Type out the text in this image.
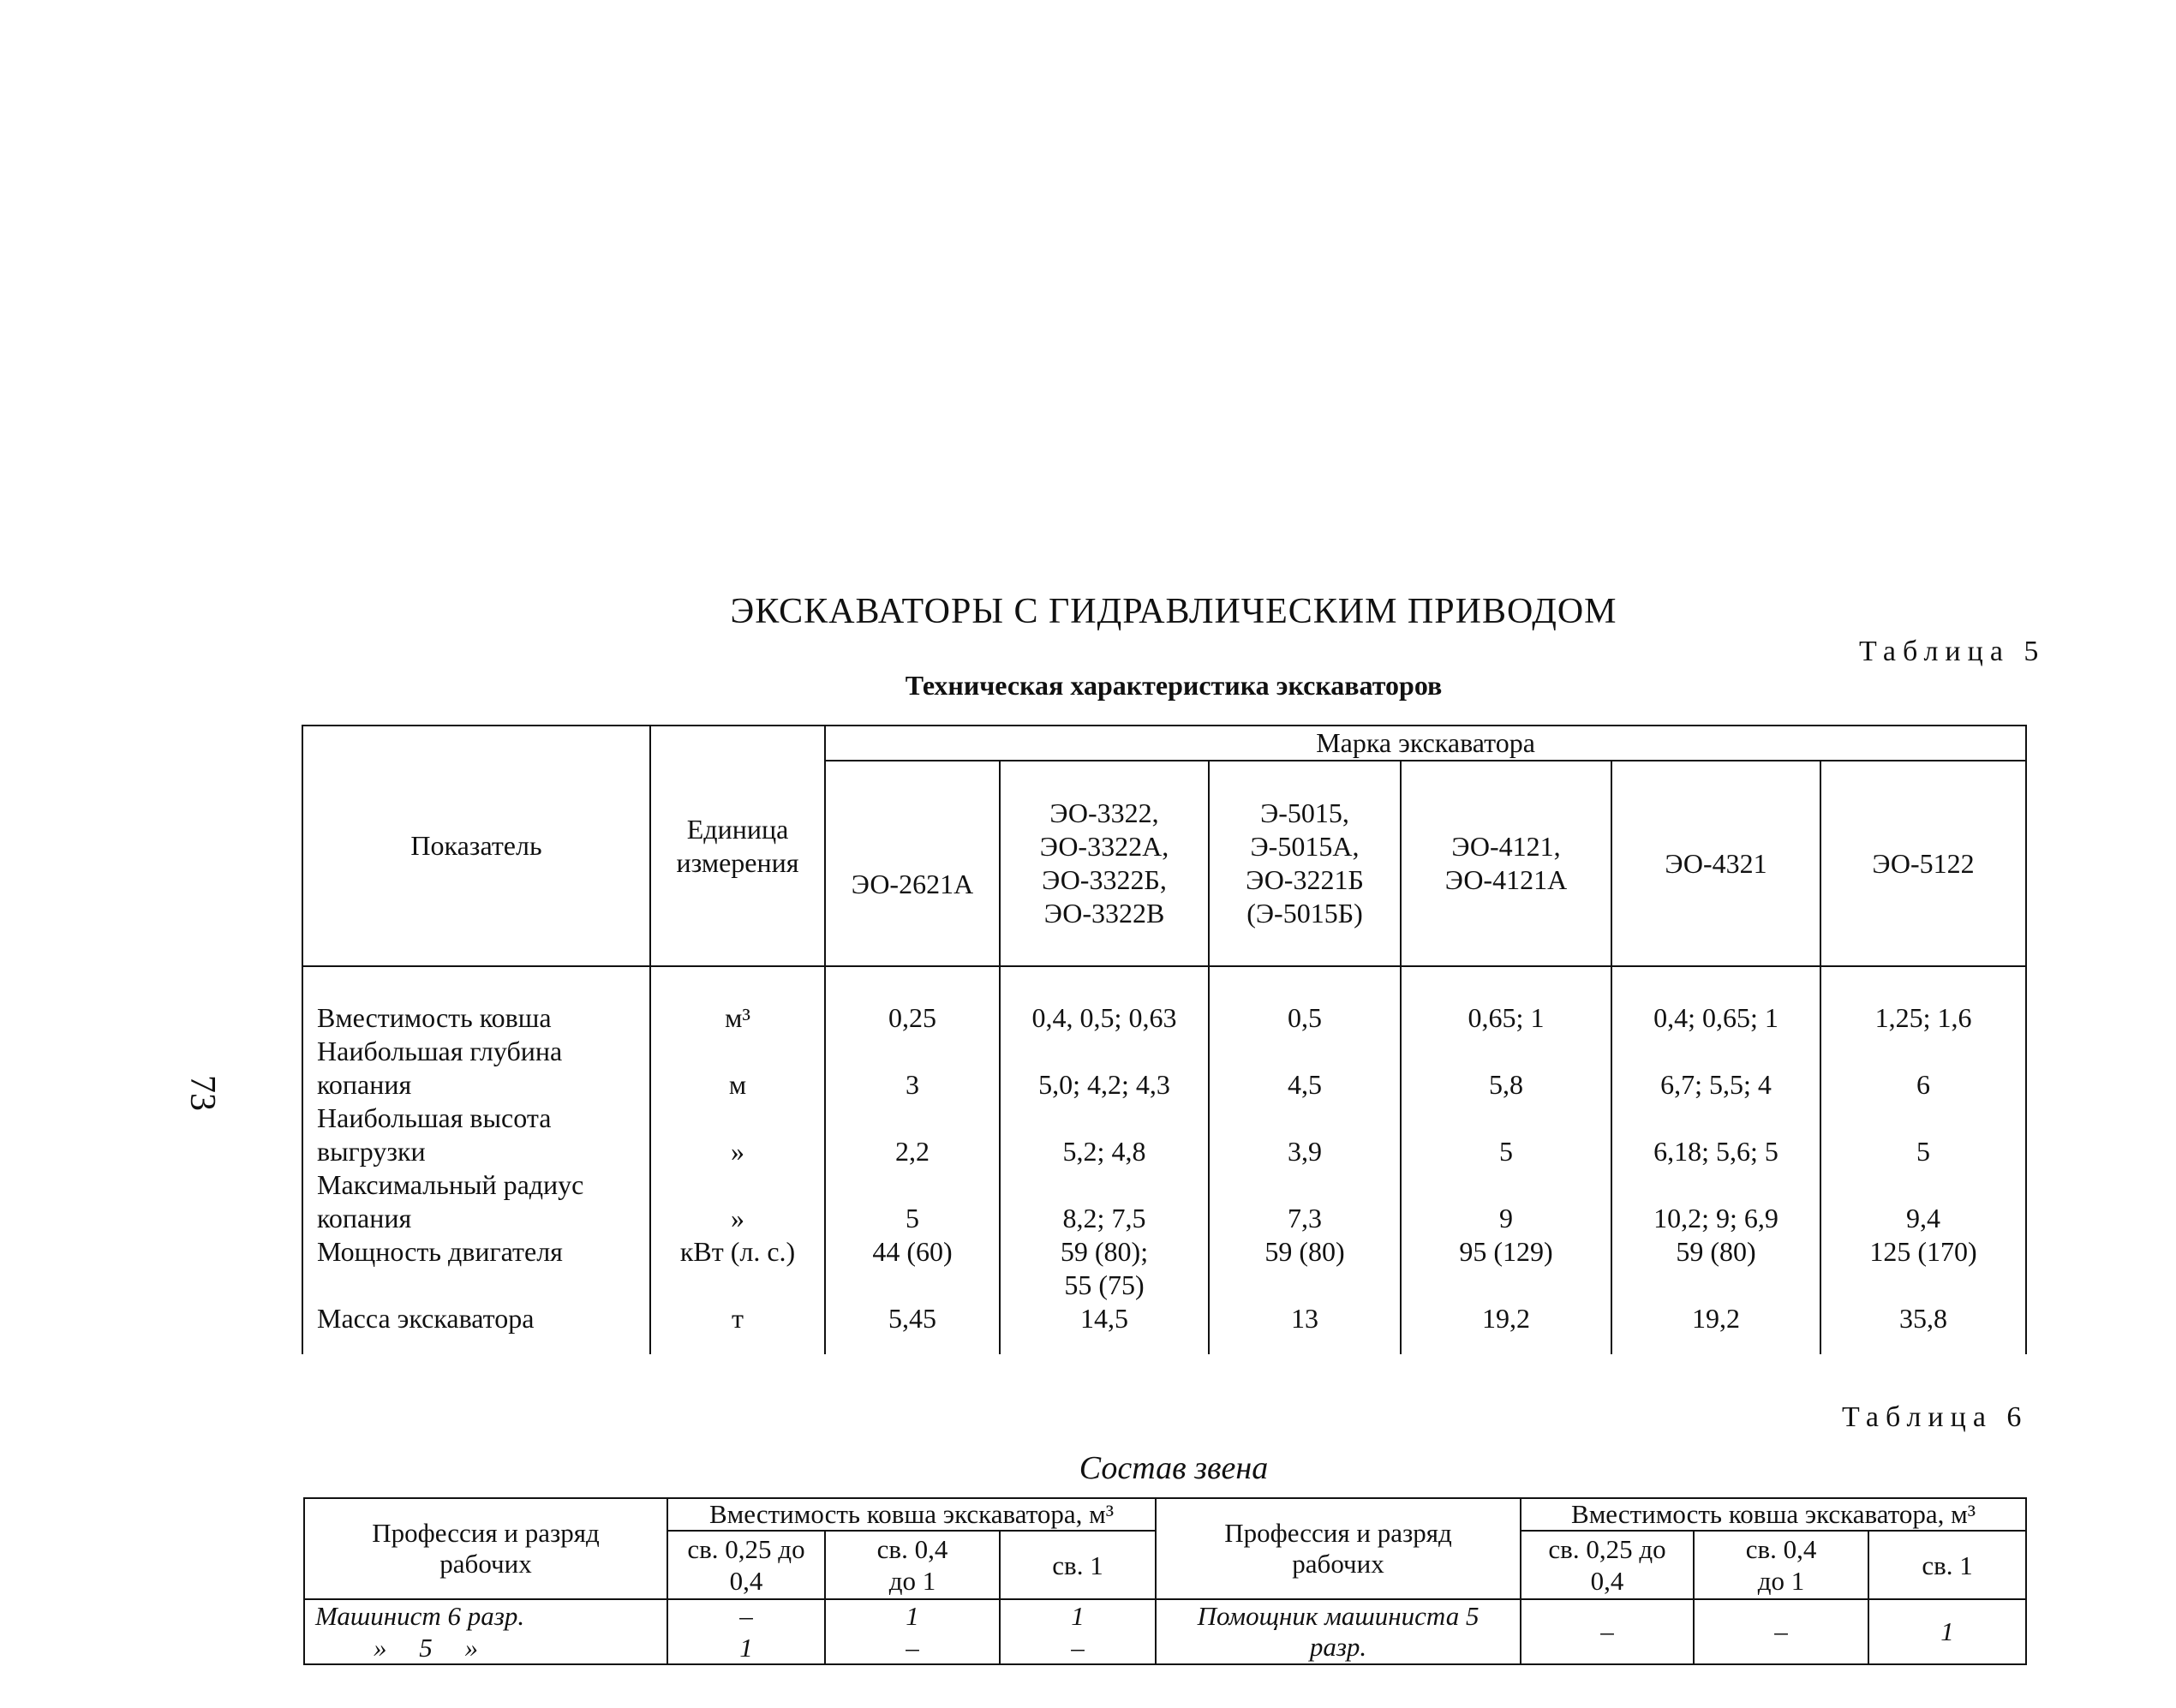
73
ЭКСКАВАТОРЫ С ГИДРАВЛИЧЕСКИМ ПРИВОДОМ
Таблица 5
Техническая характеристика экскаваторов
Показатель	Единица измерения	Марка экскаватора					
		ЭО-2621А	ЭО-3322, ЭО-3322А, ЭО-3322Б, ЭО-3322В	Э-5015, Э-5015А, ЭО-3221Б (Э-5015Б)	ЭО-4121, ЭО-4121А	ЭО-4321	ЭО-5122
Вместимость ковша	м³	0,25	0,4, 0,5; 0,63	0,5	0,65; 1	0,4; 0,65; 1	1,25; 1,6
Наибольшая глубина копания	м	3	5,0; 4,2; 4,3	4,5	5,8	6,7; 5,5; 4	6
Наибольшая высота выгрузки	»	2,2	5,2; 4,8	3,9	5	6,18; 5,6; 5	5
Максимальный радиус копания	»	5	8,2; 7,5	7,3	9	10,2; 9; 6,9	9,4
Мощность двигателя	кВт (л. с.)	44 (60)	59 (80); 55 (75)	59 (80)	95 (129)	59 (80)	125 (170)
Масса экскаватора	т	5,45	14,5	13	19,2	19,2	35,8
Таблица 6
Состав звена
Профессия и разряд рабочих	Вместимость ковша экскаватора, м³			Профессия и разряд рабочих	Вместимость ковша экскаватора, м³		
	св. 0,25 до 0,4	св. 0,4 до 1	св. 1		св. 0,25 до 0,4	св. 0,4 до 1	св. 1
Машинист 6 разр.	–	1	1	Помощник машиниста 5 разр.	–	–	1
» 5 »	1	–	–				
